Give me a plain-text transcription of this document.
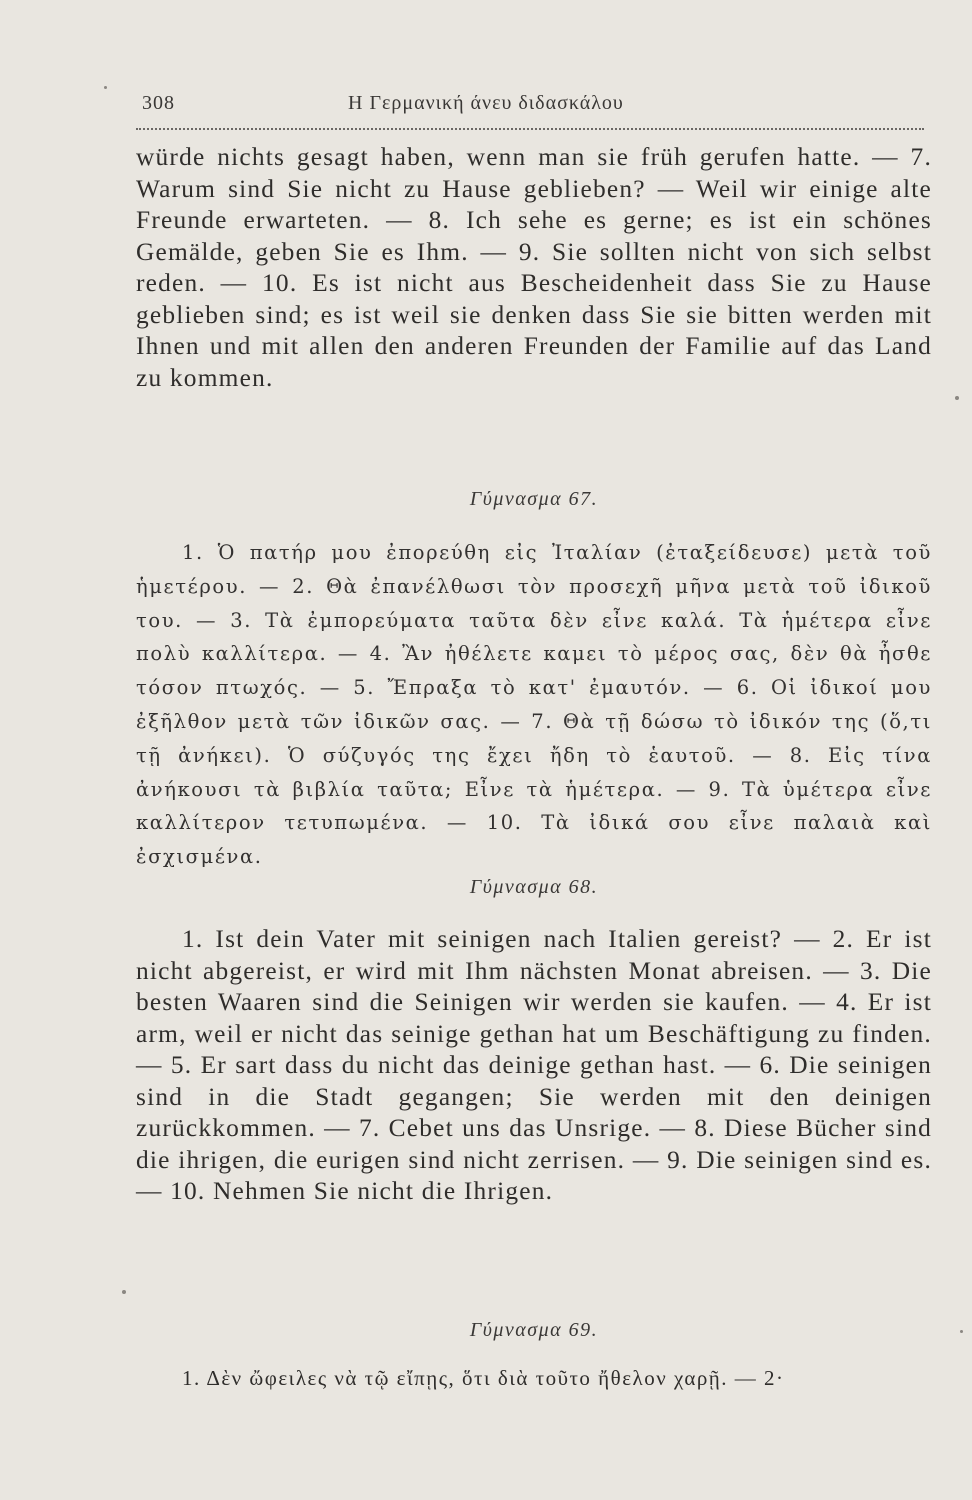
308	Η Γερμανική άνευ διδασκάλου
würde nichts gesagt haben, wenn man sie früh gerufen hatte. — 7. Warum sind Sie nicht zu Hause geblieben? — Weil wir einige alte Freunde erwarteten. — 8. Ich sehe es gerne; es ist ein schönes Gemälde, geben Sie es Ihm. — 9. Sie sollten nicht von sich selbst reden. — 10. Es ist nicht aus Bescheidenheit dass Sie zu Hause geblieben sind; es ist weil sie denken dass Sie sie bitten werden mit Ihnen und mit allen den anderen Freunden der Familie auf das Land zu kommen.
Γύμνασμα 67.
1. Ὁ πατήρ μου ἐπορεύθη εἰς Ἰταλίαν (ἐταξείδευσε) μετὰ τοῦ ἡμετέρου. — 2. Θὰ ἐπανέλθωσι τὸν προσεχῆ μῆνα μετὰ τοῦ ἰδικοῦ του. — 3. Τὰ ἐμπορεύματα ταῦτα δὲν εἶνε καλά. Τὰ ἡμέτερα εἶνε πολὺ καλλίτερα. — 4. Ἂν ἠθέλετε καμει τὸ μέρος σας, δὲν θὰ ἦσθε τόσον πτωχός. — 5. Ἔπραξα τὸ κατ' ἐμαυτόν. — 6. Οἱ ἰδικοί μου ἐξῆλθον μετὰ τῶν ἰδικῶν σας. — 7. Θὰ τῇ δώσω τὸ ἰδικόν της (ὅ,τι τῇ ἀνήκει). Ὁ σύζυγός της ἔχει ἤδη τὸ ἑαυτοῦ. — 8. Εἰς τίνα ἀνήκουσι τὰ βιβλία ταῦτα; Εἶνε τὰ ἡμέτερα. — 9. Τὰ ὑμέτερα εἶνε καλλίτερον τετυπωμένα. — 10. Τὰ ἰδικά σου εἶνε παλαιὰ καὶ ἐσχισμένα.
Γύμνασμα 68.
1. Ist dein Vater mit seinigen nach Italien gereist? — 2. Er ist nicht abgereist, er wird mit Ihm nächsten Monat abreisen. — 3. Die besten Waaren sind die Seinigen wir werden sie kaufen. — 4. Er ist arm, weil er nicht das seinige gethan hat um Beschäftigung zu finden. — 5. Er sart dass du nicht das deinige gethan hast. — 6. Die seinigen sind in die Stadt gegangen; Sie werden mit den deinigen zurückkommen. — 7. Cebet uns das Unsrige. — 8. Diese Bücher sind die ihrigen, die eurigen sind nicht zerrisen. — 9. Die seinigen sind es. — 10. Nehmen Sie nicht die Ihrigen.
Γύμνασμα 69.
1. Δὲν ὤφειλες νὰ τῷ εἴπῃς, ὅτι διὰ τοῦτο ἤθελον χαρῇ. — 2·
